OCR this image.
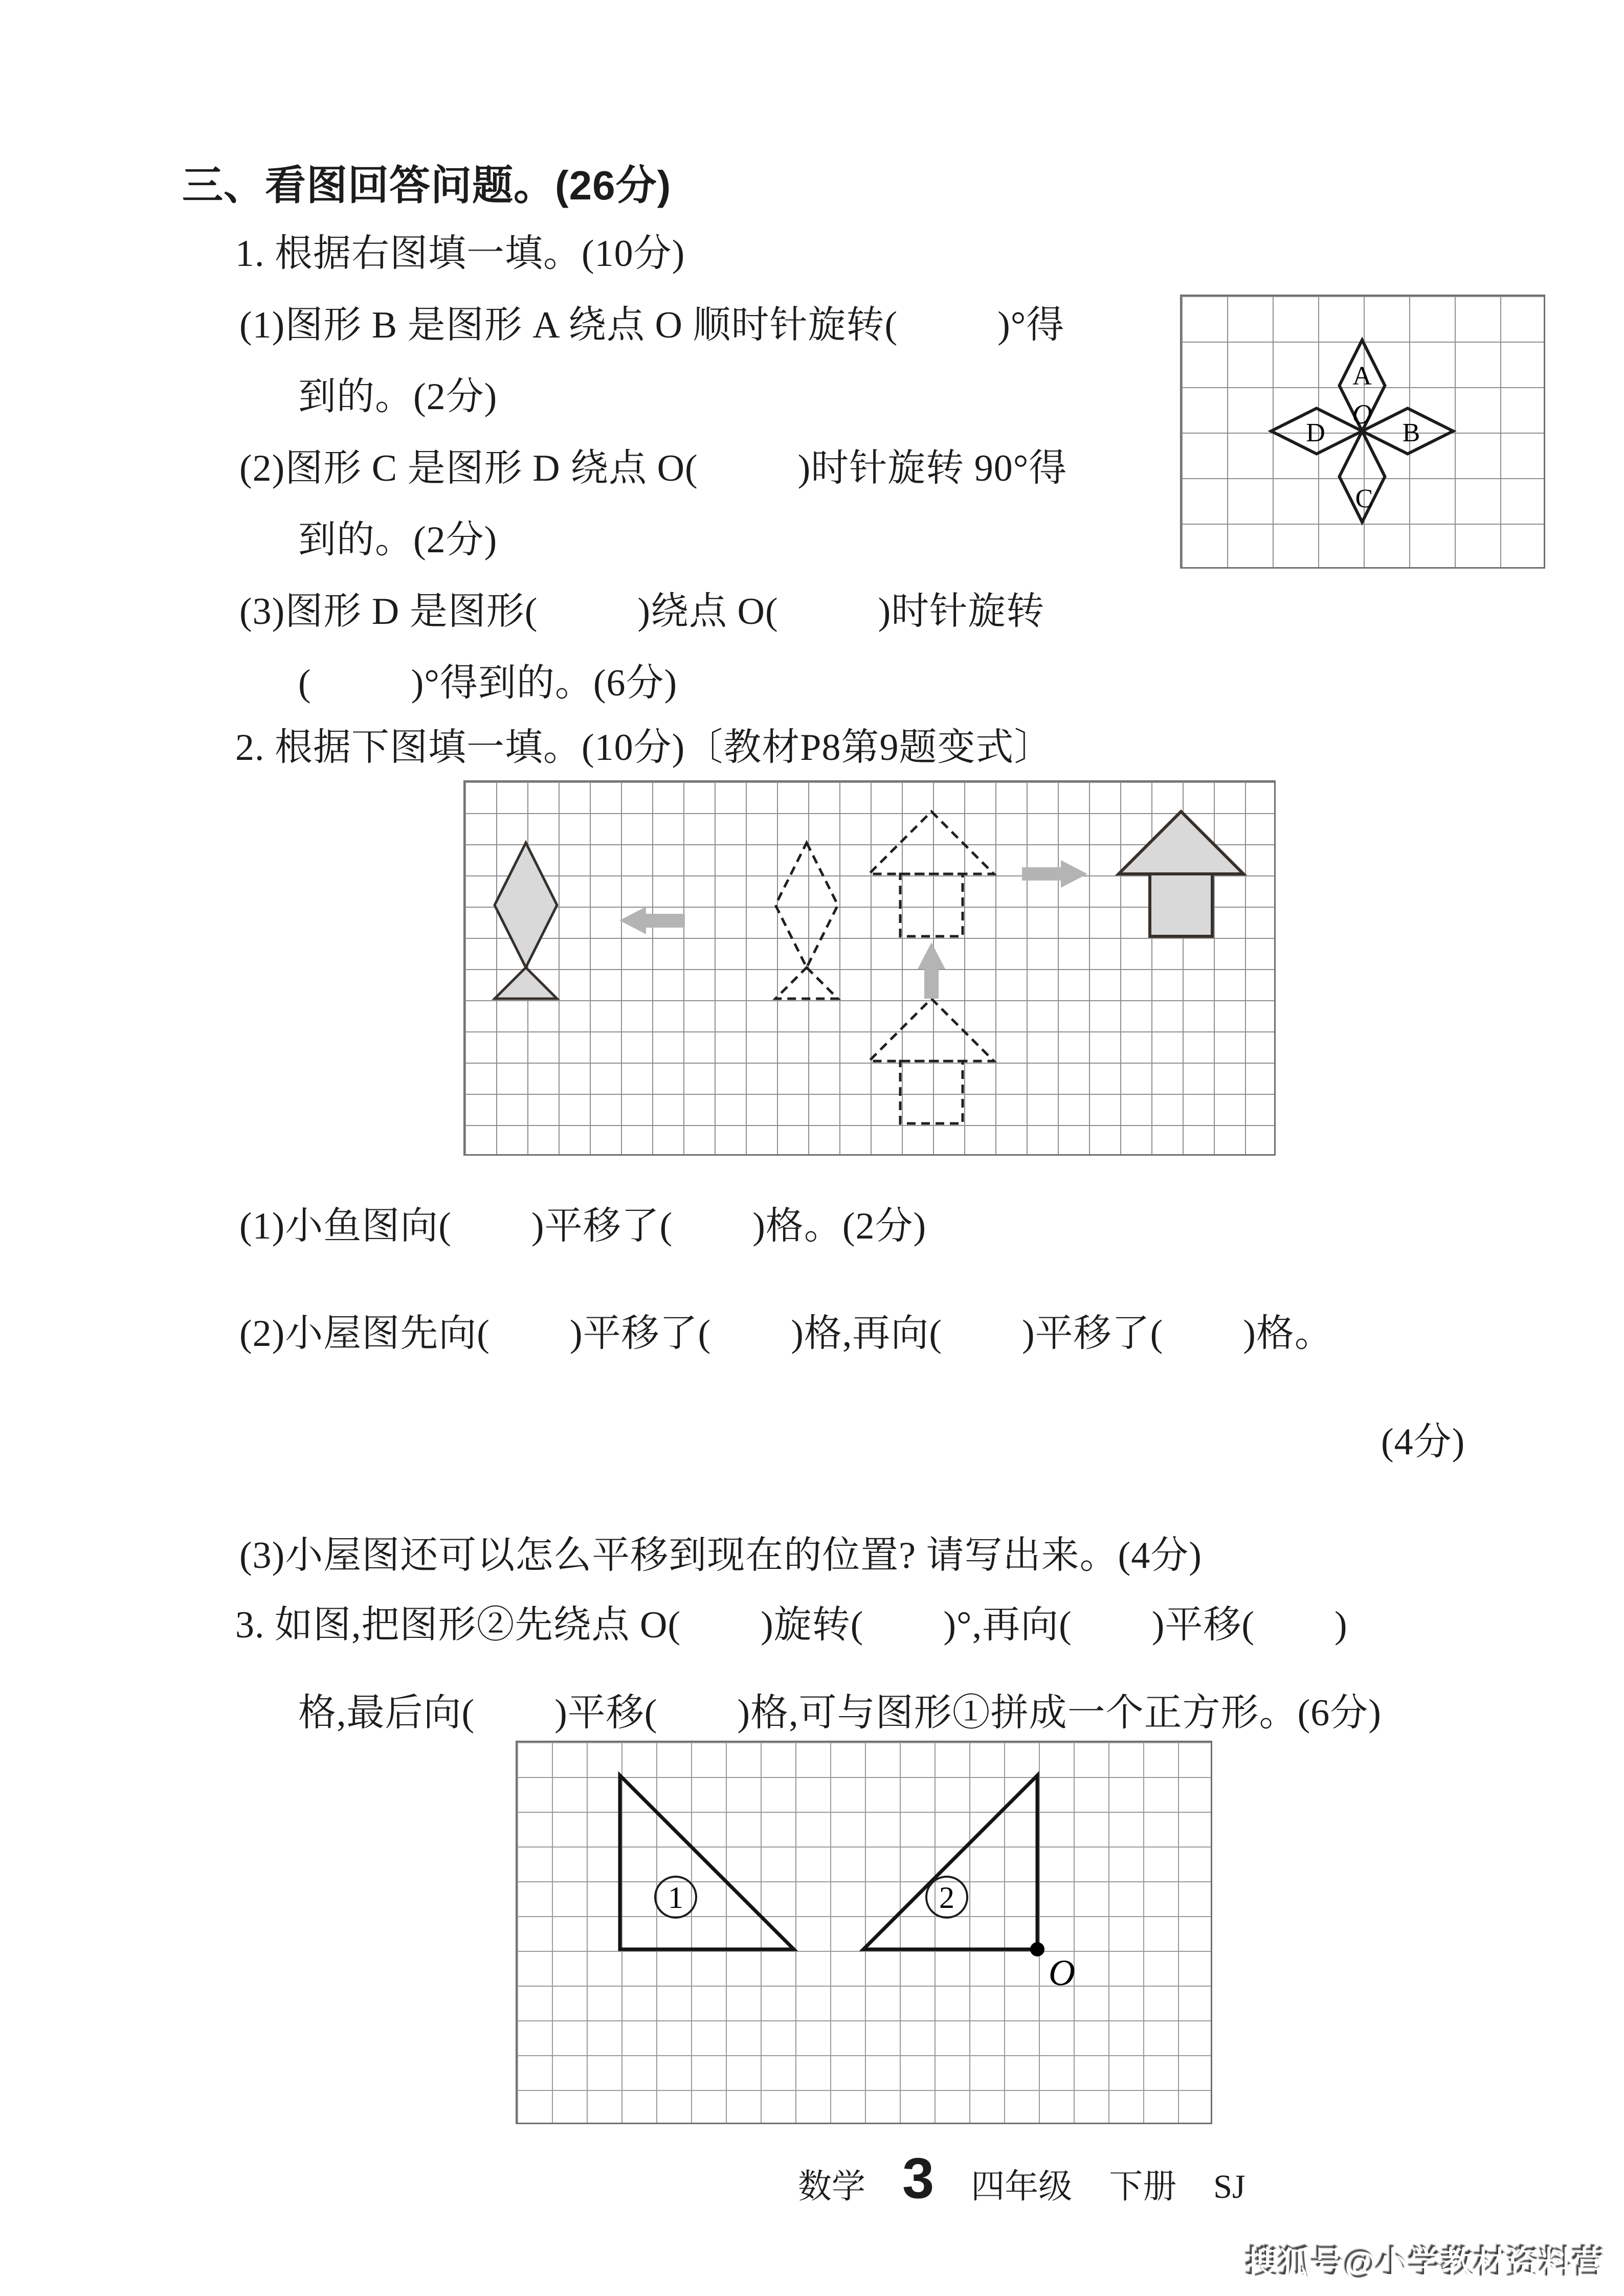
三、看图回答问题。(26分)
1. 根据右图填一填。(10分)
(1)图形 B 是图形 A 绕点 O 顺时针旋转(          )°得
到的。(2分)
(2)图形 C 是图形 D 绕点 O(          )时针旋转 90°得
到的。(2分)
(3)图形 D 是图形(          )绕点 O(          )时针旋转
(          )°得到的。(6分)
A
O
B
C
D
2. 根据下图填一填。(10分)〔教材P8第9题变式〕
(1)小鱼图向(        )平移了(        )格。(2分)
(2)小屋图先向(        )平移了(        )格,再向(        )平移了(        )格。
(4分)
(3)小屋图还可以怎么平移到现在的位置? 请写出来。(4分)
3. 如图,把图形②先绕点 O(        )旋转(        )°,再向(        )平移(        )
格,最后向(        )平移(        )格,可与图形①拼成一个正方形。(6分)
1	2
O
数学 3 四年级 下册 SJ
搜狐号@小学教材资料营
